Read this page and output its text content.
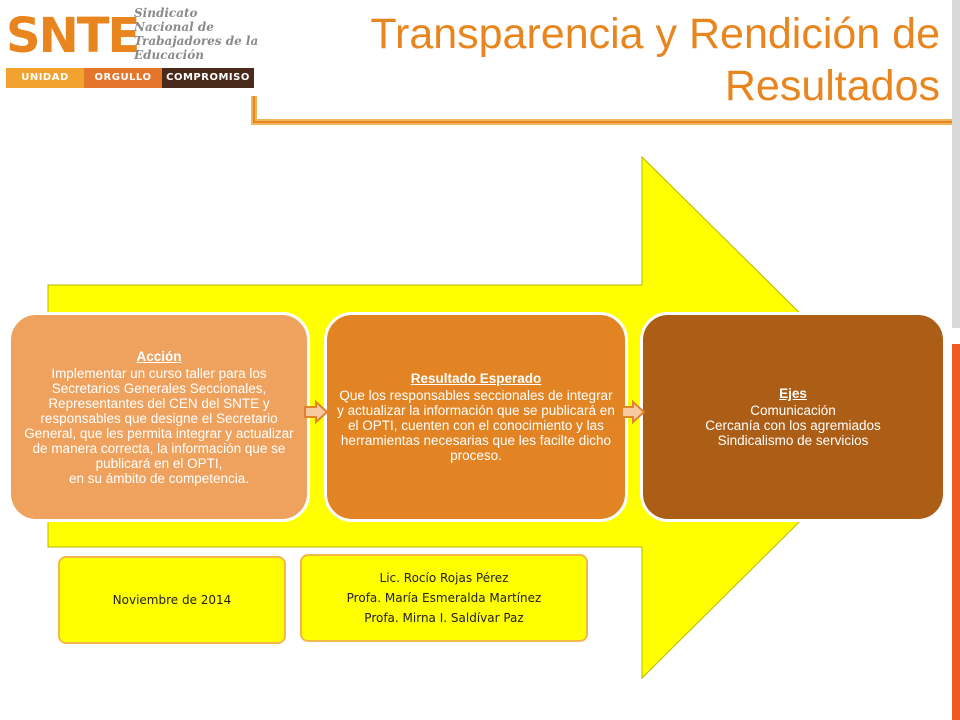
SNTE
Sindicato
Nacional de
Trabajadores de la
Educación
UNIDAD	ORGULLO	COMPROMISO
Transparencia y Rendición de Resultados
Acción
Implementar un curso taller para los Secretarios Generales Seccionales, Representantes del CEN del SNTE y responsables que designe el Secretario General, que les permita integrar y actualizar de manera correcta, la información que se publicará en el OPTI,
en su ámbito de competencia.
Resultado Esperado
Que los responsables seccionales de integrar y actualizar la información que se publicará en el OPTI, cuenten con el conocimiento y las herramientas necesarias que les facilte dicho proceso.
Ejes
Comunicación
Cercanía con los agremiados
Sindicalismo de servicios
Noviembre de 2014
Lic. Rocío Rojas Pérez
Profa. María Esmeralda Martínez
Profa. Mirna I. Saldívar Paz
